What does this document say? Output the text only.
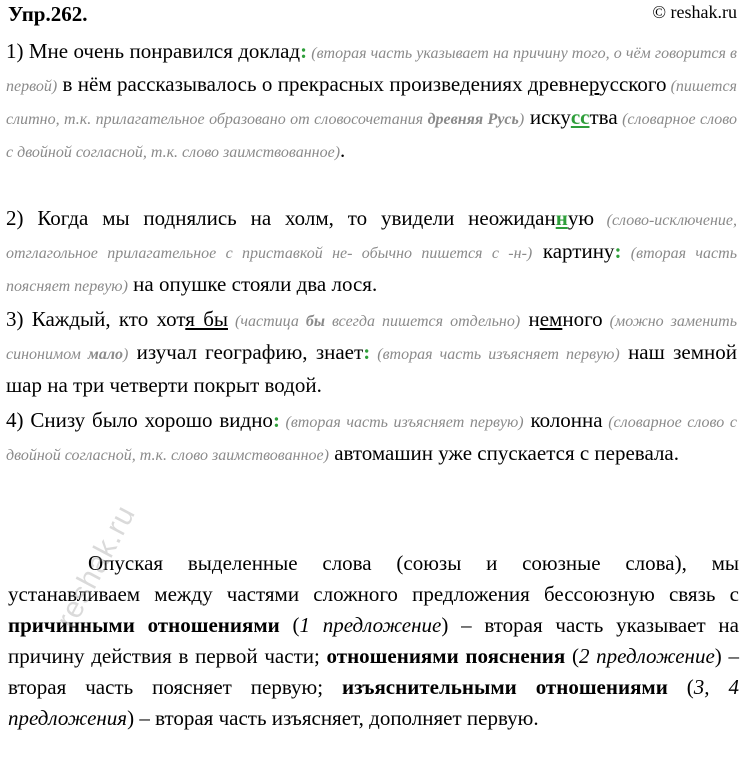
Упр.262.	© reshak.ru

1) Мне очень понравился доклад: (вторая часть указывает на причину того, о чём говорится в первой) в нём рассказывалось о прекрасных произведениях древнерусского (пишется слитно, т.к. прилагательное образовано от словосочетания древняя Русь) искусства (словарное слово с двойной согласной, т.к. слово заимствованное).

2) Когда мы поднялись на холм, то увидели неожиданную (слово-исключение, отглагольное прилагательное с приставкой не- обычно пишется с -н-) картину: (вторая часть поясняет первую) на опушке стояли два лося.

3) Каждый, кто хотя бы (частица бы всегда пишется отдельно) немного (можно заменить синонимом мало) изучал географию, знает: (вторая часть изъясняет первую) наш земной шар на три четверти покрыт водой.

4) Снизу было хорошо видно: (вторая часть изъясняет первую) колонна (словарное слово с двойной согласной, т.к. слово заимствованное) автомашин уже спускается с перевала.

Опуская выделенные слова (союзы и союзные слова), мы устанавливаем между частями сложного предложения бессоюзную связь с причинными отношениями (1 предложение) – вторая часть указывает на причину действия в первой части; отношениями пояснения (2 предложение) – вторая часть поясняет первую; изъяснительными отношениями (3, 4 предложения) – вторая часть изъясняет, дополняет первую.

reshak.ru
